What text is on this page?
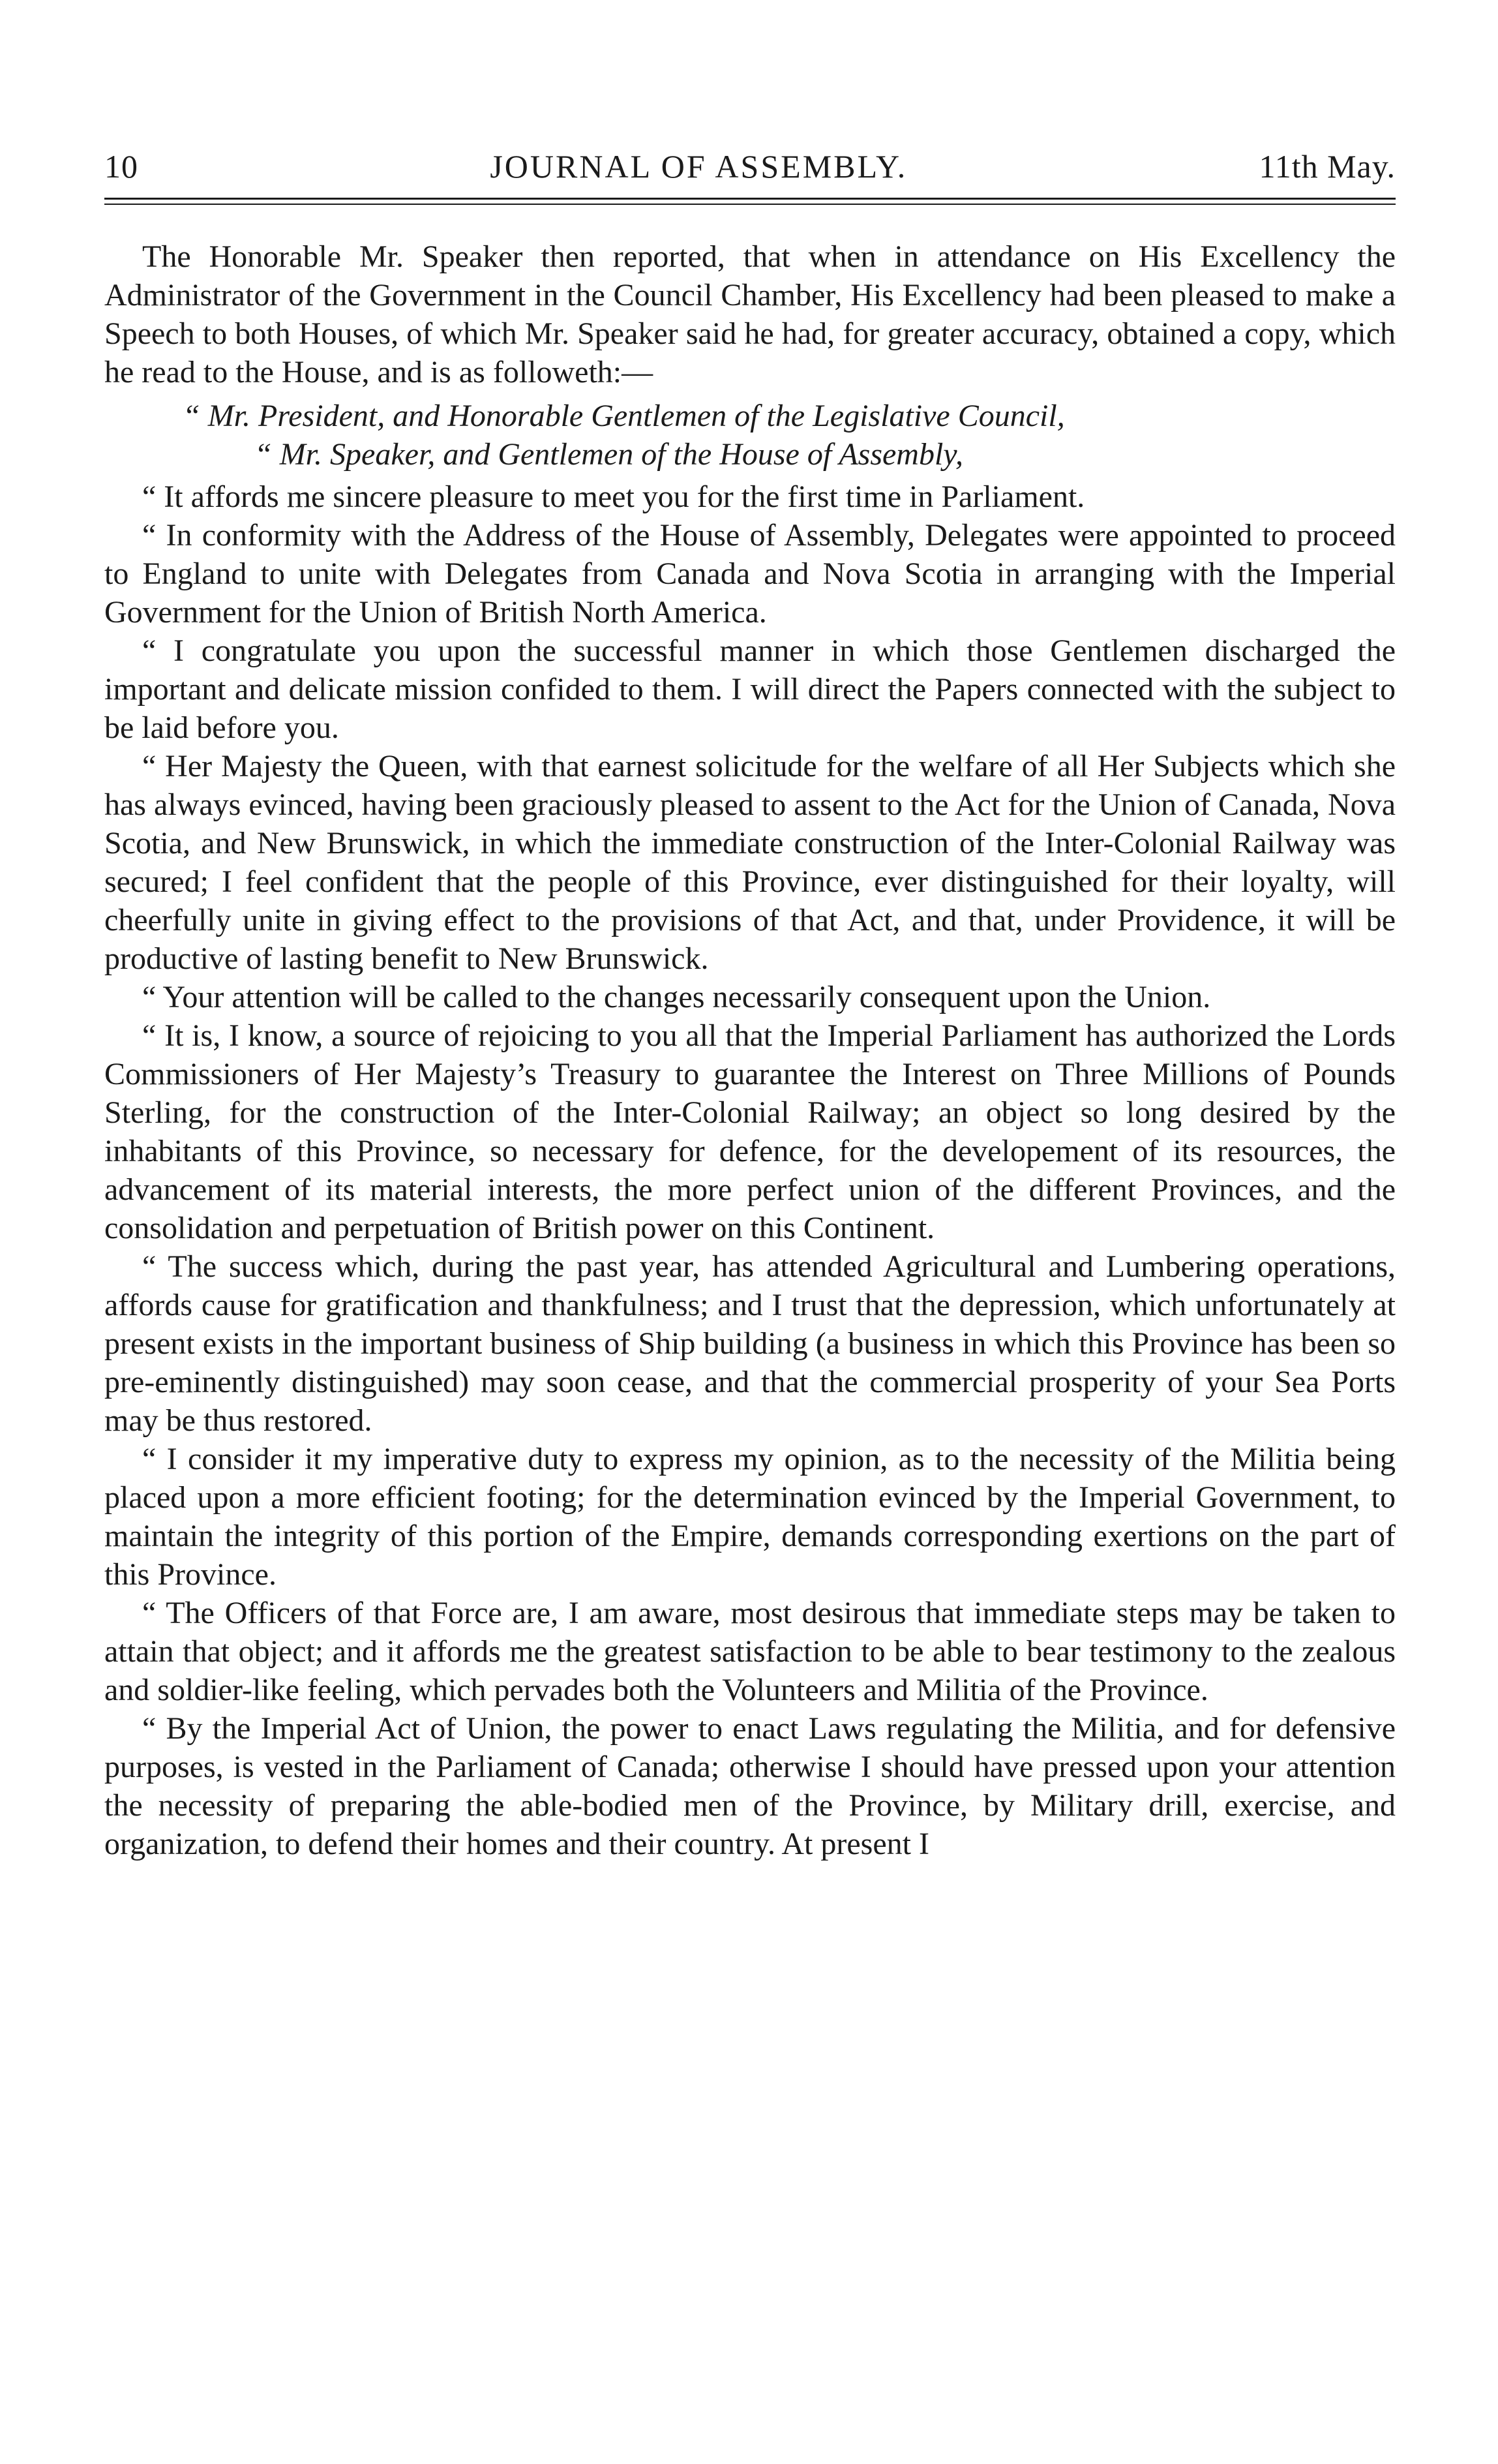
10	JOURNAL OF ASSEMBLY.	11th May.

The Honorable Mr. Speaker then reported, that when in attendance on His Excellency the Administrator of the Government in the Council Chamber, His Excellency had been pleased to make a Speech to both Houses, of which Mr. Speaker said he had, for greater accuracy, obtained a copy, which he read to the House, and is as followeth:—

“ Mr. President, and Honorable Gentlemen of the Legislative Council,
“ Mr. Speaker, and Gentlemen of the House of Assembly,

“ It affords me sincere pleasure to meet you for the first time in Parliament.

“ In conformity with the Address of the House of Assembly, Delegates were appointed to proceed to England to unite with Delegates from Canada and Nova Scotia in arranging with the Imperial Government for the Union of British North America.

“ I congratulate you upon the successful manner in which those Gentlemen discharged the important and delicate mission confided to them. I will direct the Papers connected with the subject to be laid before you.

“ Her Majesty the Queen, with that earnest solicitude for the welfare of all Her Subjects which she has always evinced, having been graciously pleased to assent to the Act for the Union of Canada, Nova Scotia, and New Brunswick, in which the immediate construction of the Inter-Colonial Railway was secured; I feel confident that the people of this Province, ever distinguished for their loyalty, will cheerfully unite in giving effect to the provisions of that Act, and that, under Providence, it will be productive of lasting benefit to New Brunswick.

“ Your attention will be called to the changes necessarily consequent upon the Union.

“ It is, I know, a source of rejoicing to you all that the Imperial Parliament has authorized the Lords Commissioners of Her Majesty’s Treasury to guarantee the Interest on Three Millions of Pounds Sterling, for the construction of the Inter-Colonial Railway; an object so long desired by the inhabitants of this Province, so necessary for defence, for the developement of its resources, the advancement of its material interests, the more perfect union of the different Provinces, and the consolidation and perpetuation of British power on this Continent.

“ The success which, during the past year, has attended Agricultural and Lumbering operations, affords cause for gratification and thankfulness; and I trust that the depression, which unfortunately at present exists in the important business of Ship building (a business in which this Province has been so pre-eminently distinguished) may soon cease, and that the commercial prosperity of your Sea Ports may be thus restored.

“ I consider it my imperative duty to express my opinion, as to the necessity of the Militia being placed upon a more efficient footing; for the determination evinced by the Imperial Government, to maintain the integrity of this portion of the Empire, demands corresponding exertions on the part of this Province.

“ The Officers of that Force are, I am aware, most desirous that immediate steps may be taken to attain that object; and it affords me the greatest satisfaction to be able to bear testimony to the zealous and soldier-like feeling, which pervades both the Volunteers and Militia of the Province.

“ By the Imperial Act of Union, the power to enact Laws regulating the Militia, and for defensive purposes, is vested in the Parliament of Canada; otherwise I should have pressed upon your attention the necessity of preparing the able-bodied men of the Province, by Military drill, exercise, and organization, to defend their homes and their country. At present I
